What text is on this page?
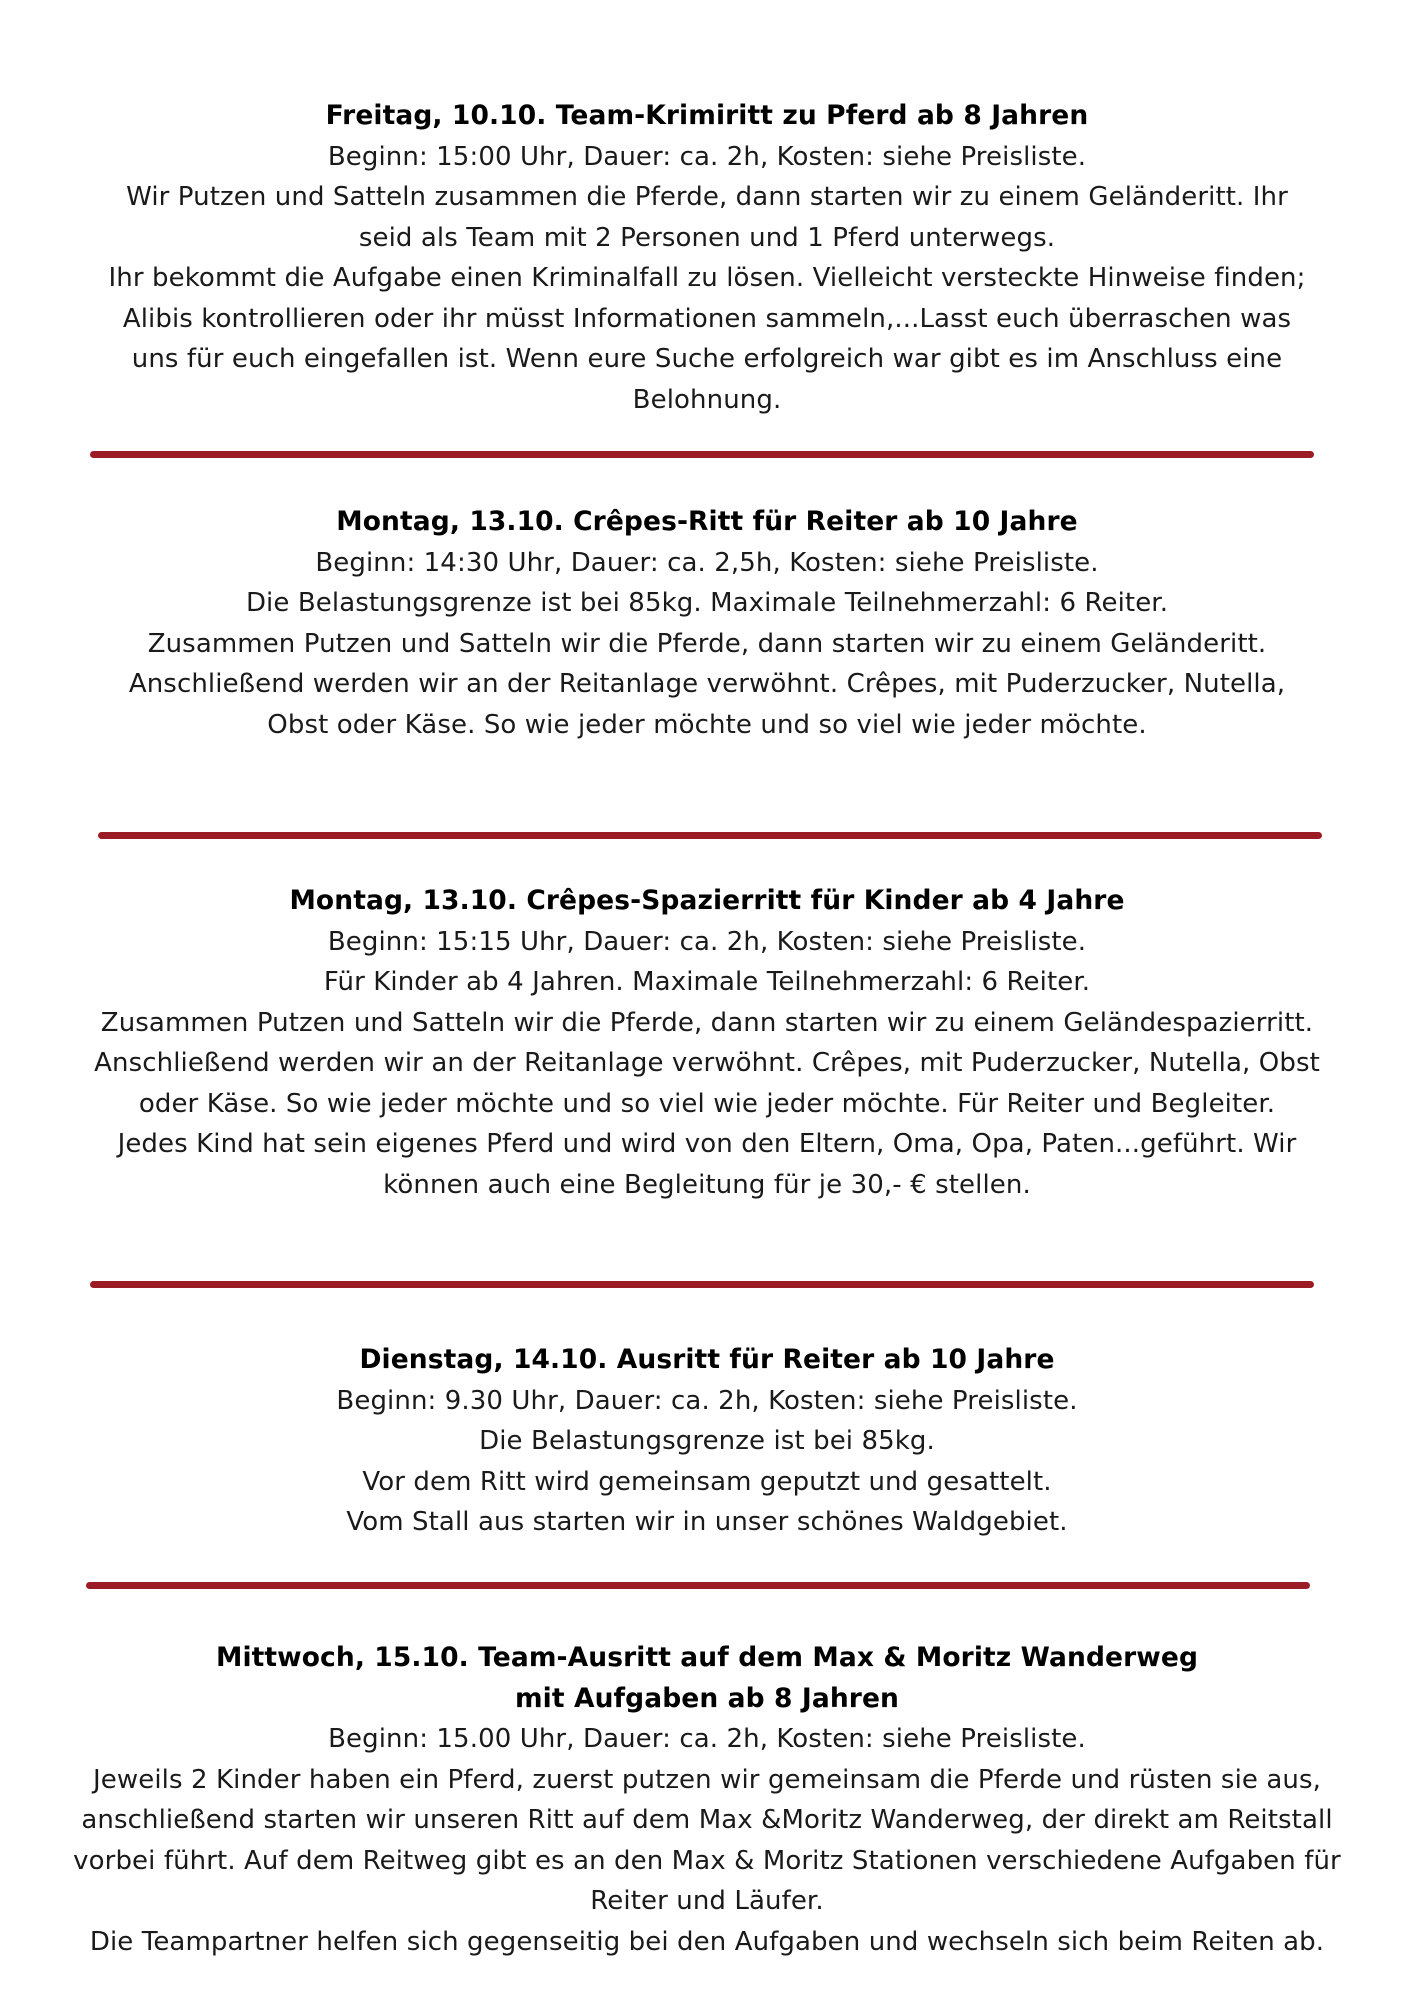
Freitag, 10.10. Team-Krimiritt zu Pferd ab 8 Jahren
Beginn: 15:00 Uhr, Dauer: ca. 2h, Kosten: siehe Preisliste.
Wir Putzen und Satteln zusammen die Pferde, dann starten wir zu einem Geländeritt. Ihr
seid als Team mit 2 Personen und 1 Pferd unterwegs.
Ihr bekommt die Aufgabe einen Kriminalfall zu lösen. Vielleicht versteckte Hinweise finden;
Alibis kontrollieren oder ihr müsst Informationen sammeln,...Lasst euch überraschen was
uns für euch eingefallen ist. Wenn eure Suche erfolgreich war gibt es im Anschluss eine
Belohnung.
Montag, 13.10. Crêpes-Ritt für Reiter ab 10 Jahre
Beginn: 14:30 Uhr, Dauer: ca. 2,5h, Kosten: siehe Preisliste.
Die Belastungsgrenze ist bei 85kg. Maximale Teilnehmerzahl: 6 Reiter.
Zusammen Putzen und Satteln wir die Pferde, dann starten wir zu einem Geländeritt.
Anschließend werden wir an der Reitanlage verwöhnt. Crêpes, mit Puderzucker, Nutella,
Obst oder Käse. So wie jeder möchte und so viel wie jeder möchte.
Montag, 13.10. Crêpes-Spazierritt für Kinder ab 4 Jahre
Beginn: 15:15 Uhr, Dauer: ca. 2h, Kosten: siehe Preisliste.
Für Kinder ab 4 Jahren. Maximale Teilnehmerzahl: 6 Reiter.
Zusammen Putzen und Satteln wir die Pferde, dann starten wir zu einem Geländespazierritt.
Anschließend werden wir an der Reitanlage verwöhnt. Crêpes, mit Puderzucker, Nutella, Obst
oder Käse. So wie jeder möchte und so viel wie jeder möchte. Für Reiter und Begleiter.
Jedes Kind hat sein eigenes Pferd und wird von den Eltern, Oma, Opa, Paten...geführt. Wir
können auch eine Begleitung für je 30,- € stellen.
Dienstag, 14.10. Ausritt für Reiter ab 10 Jahre
Beginn: 9.30 Uhr, Dauer: ca. 2h, Kosten: siehe Preisliste.
Die Belastungsgrenze ist bei 85kg.
Vor dem Ritt wird gemeinsam geputzt und gesattelt.
Vom Stall aus starten wir in unser schönes Waldgebiet.
Mittwoch, 15.10. Team-Ausritt auf dem Max & Moritz Wanderweg
mit Aufgaben ab 8 Jahren
Beginn: 15.00 Uhr, Dauer: ca. 2h, Kosten: siehe Preisliste.
Jeweils 2 Kinder haben ein Pferd, zuerst putzen wir gemeinsam die Pferde und rüsten sie aus,
anschließend starten wir unseren Ritt auf dem Max &Moritz Wanderweg, der direkt am Reitstall
vorbei führt. Auf dem Reitweg gibt es an den Max & Moritz Stationen verschiedene Aufgaben für
Reiter und Läufer.
Die Teampartner helfen sich gegenseitig bei den Aufgaben und wechseln sich beim Reiten ab.
